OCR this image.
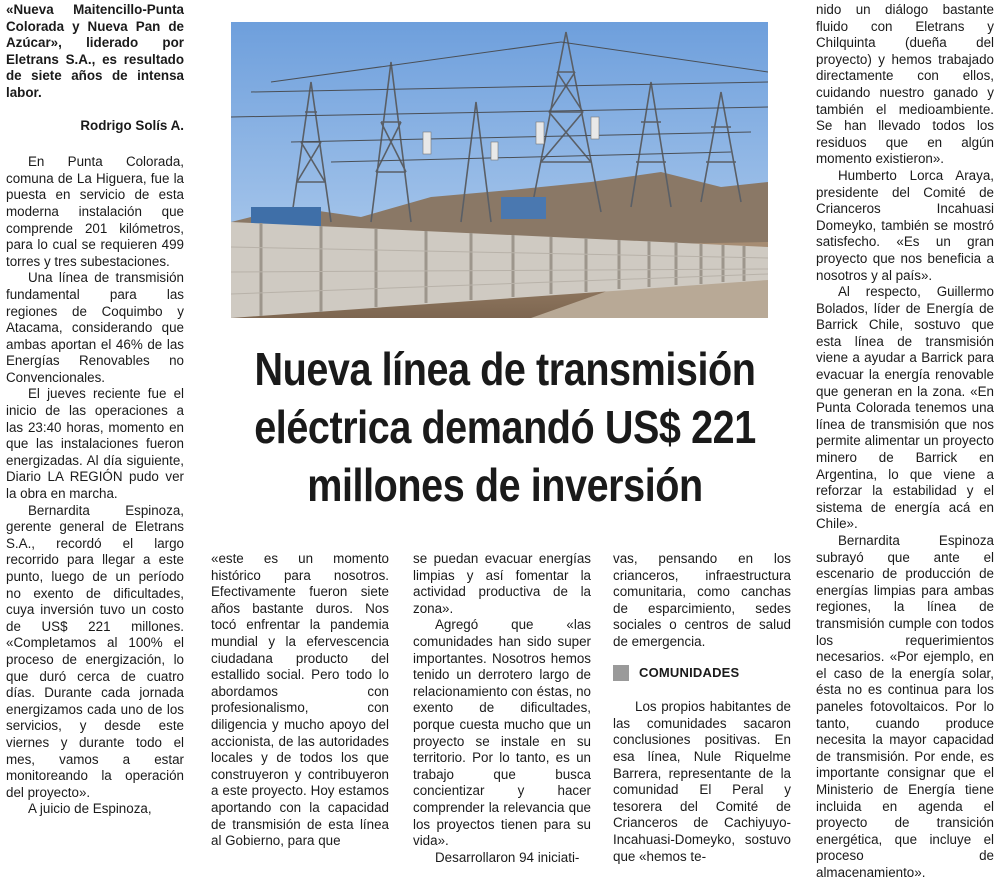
«Nueva Maitencillo-Punta Colorada y Nueva Pan de Azúcar», liderado por Eletrans S.A., es resultado de siete años de intensa labor.

Rodrigo Solís A.

En Punta Colorada, comuna de La Higuera, fue la puesta en servicio de esta moderna instalación que comprende 201 kilómetros, para lo cual se requieren 499 torres y tres subestaciones.

Una línea de transmisión fundamental para las regiones de Coquimbo y Atacama, considerando que ambas aportan el 46% de las Energías Renovables no Convencionales.

El jueves reciente fue el inicio de las operaciones a las 23:40 horas, momento en que las instalaciones fueron energizadas. Al día siguiente, Diario LA REGIÓN pudo ver la obra en marcha.

Bernardita Espinoza, gerente general de Eletrans S.A., recordó el largo recorrido para llegar a este punto, luego de un período no exento de dificultades, cuya inversión tuvo un costo de US$ 221 millones. «Completamos al 100% el proceso de energización, lo que duró cerca de cuatro días. Durante cada jornada energizamos cada uno de los servicios, y desde este viernes y durante todo el mes, vamos a estar monitoreando la operación del proyecto».

A juicio de Espinoza,

Nueva línea de transmisión eléctrica demandó US$ 221 millones de inversión

«este es un momento histórico para nosotros. Efectivamente fueron siete años bastante duros. Nos tocó enfrentar la pandemia mundial y la efervescencia ciudadana producto del estallido social. Pero todo lo abordamos con profesionalismo, con diligencia y mucho apoyo del accionista, de las autoridades locales y de todos los que construyeron y contribuyeron a este proyecto. Hoy estamos aportando con la capacidad de transmisión de esta línea al Gobierno, para que

se puedan evacuar energías limpias y así fomentar la actividad productiva de la zona».

Agregó que «las comunidades han sido super importantes. Nosotros hemos tenido un derrotero largo de relacionamiento con éstas, no exento de dificultades, porque cuesta mucho que un proyecto se instale en su territorio. Por lo tanto, es un trabajo que busca concientizar y hacer comprender la relevancia que los proyectos tienen para su vida».

Desarrollaron 94 iniciati-

vas, pensando en los crianceros, infraestructura comunitaria, como canchas de esparcimiento, sedes sociales o centros de salud de emergencia.

COMUNIDADES

Los propios habitantes de las comunidades sacaron conclusiones positivas. En esa línea, Nule Riquelme Barrera, representante de la comunidad El Peral y tesorera del Comité de Crianceros de Cachiyuyo-Incahuasi-Domeyko, sostuvo que «hemos te-

nido un diálogo bastante fluido con Eletrans y Chilquinta (dueña del proyecto) y hemos trabajado directamente con ellos, cuidando nuestro ganado y también el medioambiente. Se han llevado todos los residuos que en algún momento existieron».

Humberto Lorca Araya, presidente del Comité de Crianceros Incahuasi Domeyko, también se mostró satisfecho. «Es un gran proyecto que nos beneficia a nosotros y al país».

Al respecto, Guillermo Bolados, líder de Energía de Barrick Chile, sostuvo que esta línea de transmisión viene a ayudar a Barrick para evacuar la energía renovable que generan en la zona. «En Punta Colorada tenemos una línea de transmisión que nos permite alimentar un proyecto minero de Barrick en Argentina, lo que viene a reforzar la estabilidad y el sistema de energía acá en Chile».

Bernardita Espinoza subrayó que ante el escenario de producción de energías limpias para ambas regiones, la línea de transmisión cumple con todos los requerimientos necesarios. «Por ejemplo, en el caso de la energía solar, ésta no es continua para los paneles fotovoltaicos. Por lo tanto, cuando produce necesita la mayor capacidad de transmisión. Por ende, es importante consignar que el Ministerio de Energía tiene incluida en agenda el proyecto de transición energética, que incluye el proceso de almacenamiento».
